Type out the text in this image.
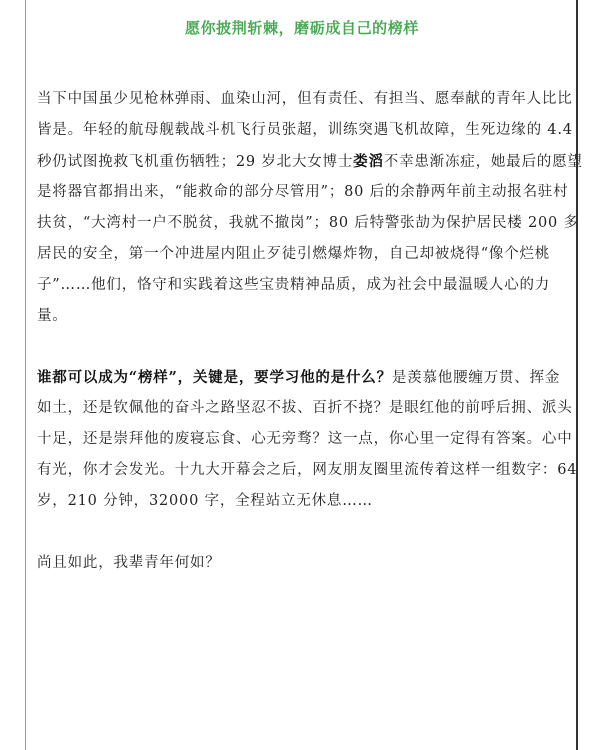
愿你披荆斩棘，磨砺成自己的榜样
当下中国虽少见枪林弹雨、血染山河，但有责任、有担当、愿奉献的青年人比比
皆是。年轻的航母舰载战斗机飞行员张超，训练突遇飞机故障，生死边缘的 4.4
秒仍试图挽救飞机重伤牺牲；29 岁北大女博士娄滔不幸患渐冻症，她最后的愿望
是将器官都捐出来，“能救命的部分尽管用”；80 后的余静两年前主动报名驻村
扶贫，“大湾村一户不脱贫，我就不撤岗”；80 后特警张劼为保护居民楼 200 多
居民的安全，第一个冲进屋内阻止歹徒引燃爆炸物，自己却被烧得“像个烂桃
子”……他们，恪守和实践着这些宝贵精神品质，成为社会中最温暖人心的力
量。
谁都可以成为“榜样”，关键是，要学习他的是什么？是羡慕他腰缠万贯、挥金
如土，还是钦佩他的奋斗之路坚忍不拔、百折不挠？是眼红他的前呼后拥、派头
十足，还是崇拜他的废寝忘食、心无旁骛？这一点，你心里一定得有答案。心中
有光，你才会发光。十九大开幕会之后，网友朋友圈里流传着这样一组数字：64
岁，210 分钟，32000 字，全程站立无休息……
尚且如此，我辈青年何如？
